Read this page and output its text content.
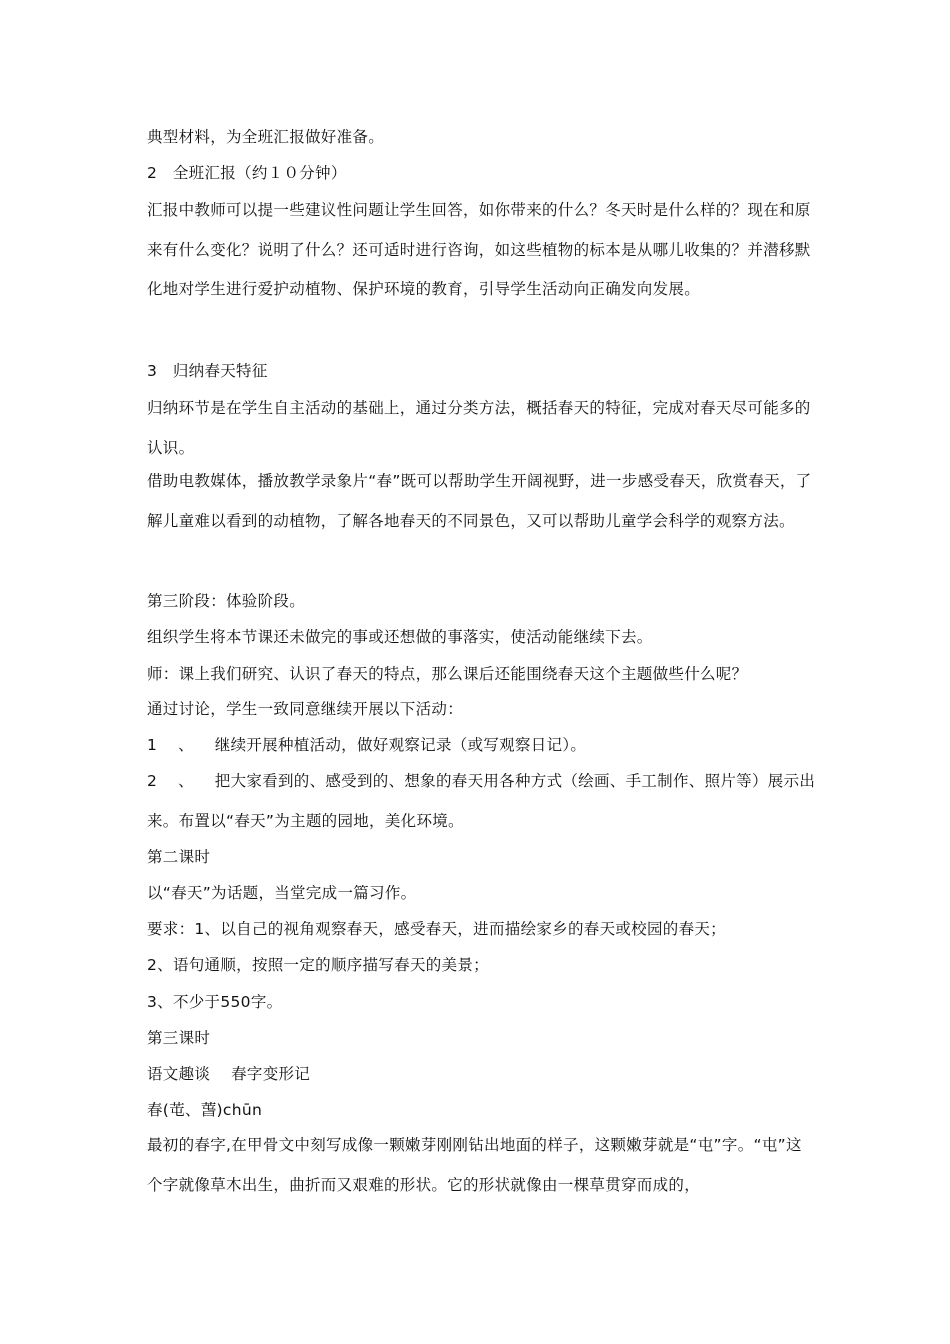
典型材料，为全班汇报做好准备。

2   全班汇报（约１０分钟）

汇报中教师可以提一些建议性问题让学生回答，如你带来的什么？冬天时是什么样的？现在和原来有什么变化？说明了什么？还可适时进行咨询，如这些植物的标本是从哪儿收集的？并潜移默化地对学生进行爱护动植物、保护环境的教育，引导学生活动向正确发向发展。

3   归纳春天特征

归纳环节是在学生自主活动的基础上，通过分类方法，概括春天的特征，完成对春天尽可能多的认识。

借助电教媒体，播放教学录象片“春”既可以帮助学生开阔视野，进一步感受春天，欣赏春天，了解儿童难以看到的动植物，了解各地春天的不同景色，又可以帮助儿童学会科学的观察方法。

第三阶段：体验阶段。

组织学生将本节课还未做完的事或还想做的事落实，使活动能继续下去。

师：课上我们研究、认识了春天的特点，那么课后还能围绕春天这个主题做些什么呢？

通过讨论，学生一致同意继续开展以下活动：

1    、    继续开展种植活动，做好观察记录（或写观察日记）。

2    、    把大家看到的、感受到的、想象的春天用各种方式（绘画、手工制作、照片等）展示出来。布置以“春天”为主题的园地，美化环境。

第二课时

以“春天”为话题，当堂完成一篇习作。

要求：1、以自己的视角观察春天，感受春天，进而描绘家乡的春天或校园的春天；

2、语句通顺，按照一定的顺序描写春天的美景；

3、不少于550字。

第三课时

语文趣谈    春字变形记

春(芚、萅)chūn

最初的春字,在甲骨文中刻写成像一颗嫩芽刚刚钻出地面的样子，这颗嫩芽就是“屯”字。“屯”这个字就像草木出生，曲折而又艰难的形状。它的形状就像由一棵草贯穿而成的，
